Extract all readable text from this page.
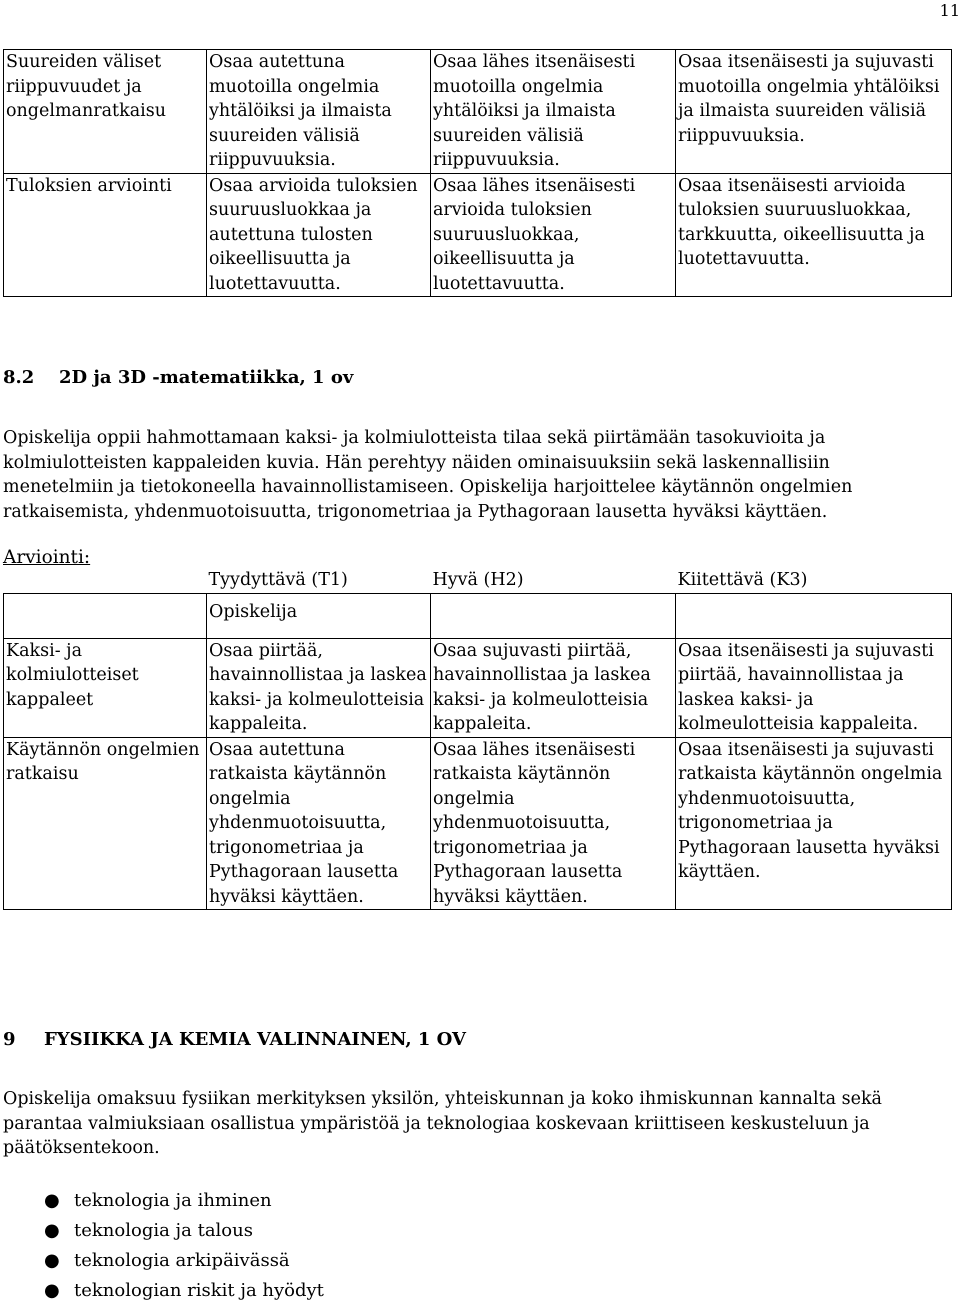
11
Suureiden väliset riippuvuudet ja ongelmanratkaisu	Osaa autettuna muotoilla ongelmia yhtälöiksi ja ilmaista suureiden välisiä riippuvuuksia.	Osaa lähes itsenäisesti muotoilla ongelmia yhtälöiksi ja ilmaista suureiden välisiä riippuvuuksia.	Osaa itsenäisesti ja sujuvasti muotoilla ongelmia yhtälöiksi ja ilmaista suureiden välisiä riippuvuuksia.
Tuloksien arviointi	Osaa arvioida tuloksien suuruusluokkaa ja autettuna tulosten oikeellisuutta ja luotettavuutta.	Osaa lähes itsenäisesti arvioida tuloksien suuruusluokkaa, oikeellisuutta ja luotettavuutta.	Osaa itsenäisesti arvioida tuloksien suuruusluokkaa, tarkkuutta, oikeellisuutta ja luotettavuutta.
8.2 2D ja 3D -matematiikka, 1 ov

Opiskelija oppii hahmottamaan kaksi- ja kolmiulotteista tilaa sekä piirtämään tasokuvioita ja kolmiulotteisten kappaleiden kuvia. Hän perehtyy näiden ominaisuuksiin sekä laskennallisiin menetelmiin ja tietokoneella havainnollistamiseen. Opiskelija harjoittelee käytännön ongelmien ratkaisemista, yhdenmuotoisuutta, trigonometriaa ja Pythagoraan lausetta hyväksi käyttäen.

Arviointi:
	Tyydyttävä (T1)	Hyvä (H2)	Kiitettävä (K3)
	Opiskelija		
Kaksi- ja kolmiulotteiset kappaleet	Osaa piirtää, havainnollistaa ja laskea kaksi- ja kolmeulotteisia kappaleita.	Osaa sujuvasti piirtää, havainnollistaa ja laskea kaksi- ja kolmeulotteisia kappaleita.	Osaa itsenäisesti ja sujuvasti piirtää, havainnollistaa ja laskea kaksi- ja kolmeulotteisia kappaleita.
Käytännön ongelmien ratkaisu	Osaa autettuna ratkaista käytännön ongelmia yhdenmuotoisuutta, trigonometriaa ja Pythagoraan lausetta hyväksi käyttäen.	Osaa lähes itsenäisesti ratkaista käytännön ongelmia yhdenmuotoisuutta, trigonometriaa ja Pythagoraan lausetta hyväksi käyttäen.	Osaa itsenäisesti ja sujuvasti ratkaista käytännön ongelmia yhdenmuotoisuutta, trigonometriaa ja Pythagoraan lausetta hyväksi käyttäen.
9 FYSIIKKA JA KEMIA VALINNAINEN, 1 OV

Opiskelija omaksuu fysiikan merkityksen yksilön, yhteiskunnan ja koko ihmiskunnan kannalta sekä parantaa valmiuksiaan osallistua ympäristöä ja teknologiaa koskevaan kriittiseen keskusteluun ja päätöksentekoon.

● teknologia ja ihminen
● teknologia ja talous
● teknologia arkipäivässä
● teknologian riskit ja hyödyt
